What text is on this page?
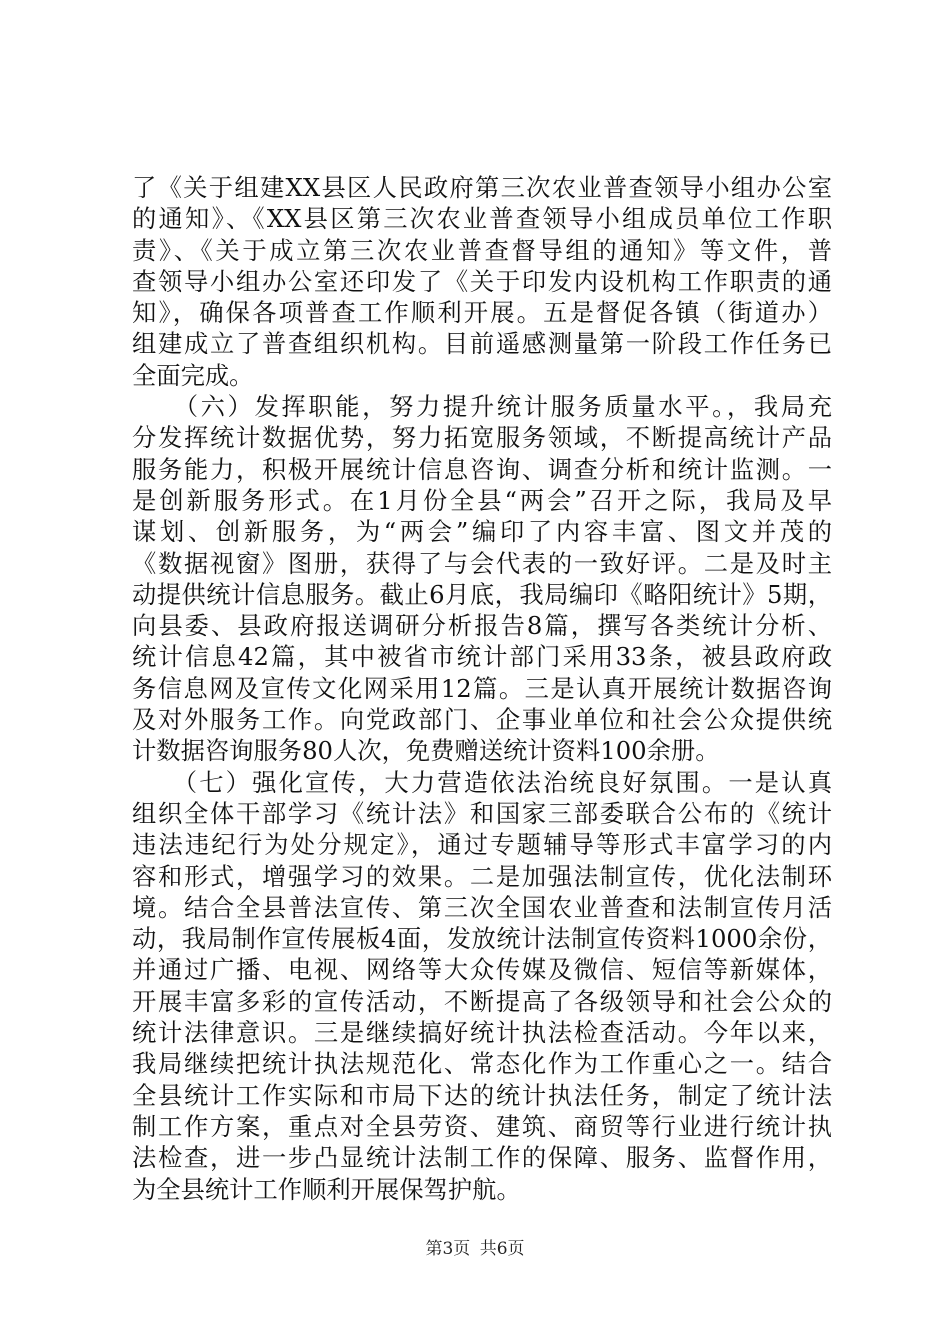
了《关于组建XX县区人民政府第三次农业普查领导小组办公室
的通知》、《XX县区第三次农业普查领导小组成员单位工作职
责》、《关于成立第三次农业普查督导组的通知》等文件，普
查领导小组办公室还印发了《关于印发内设机构工作职责的通
知》，确保各项普查工作顺利开展。五是督促各镇（街道办）
组建成立了普查组织机构。目前遥感测量第一阶段工作任务已
全面完成。
　　（六）发挥职能，努力提升统计服务质量水平。，我局充
分发挥统计数据优势，努力拓宽服务领域，不断提高统计产品
服务能力，积极开展统计信息咨询、调查分析和统计监测。一
是创新服务形式。在1月份全县“两会”召开之际，我局及早
谋划、创新服务，为“两会”编印了内容丰富、图文并茂的
《数据视窗》图册，获得了与会代表的一致好评。二是及时主
动提供统计信息服务。截止6月底，我局编印《略阳统计》5期，
向县委、县政府报送调研分析报告8篇，撰写各类统计分析、
统计信息42篇，其中被省市统计部门采用33条，被县政府政
务信息网及宣传文化网采用12篇。三是认真开展统计数据咨询
及对外服务工作。向党政部门、企事业单位和社会公众提供统
计数据咨询服务80人次，免费赠送统计资料100余册。
　　（七）强化宣传，大力营造依法治统良好氛围。一是认真
组织全体干部学习《统计法》和国家三部委联合公布的《统计
违法违纪行为处分规定》，通过专题辅导等形式丰富学习的内
容和形式，增强学习的效果。二是加强法制宣传，优化法制环
境。结合全县普法宣传、第三次全国农业普查和法制宣传月活
动，我局制作宣传展板4面，发放统计法制宣传资料1000余份，
并通过广播、电视、网络等大众传媒及微信、短信等新媒体，
开展丰富多彩的宣传活动，不断提高了各级领导和社会公众的
统计法律意识。三是继续搞好统计执法检查活动。今年以来，
我局继续把统计执法规范化、常态化作为工作重心之一。结合
全县统计工作实际和市局下达的统计执法任务，制定了统计法
制工作方案，重点对全县劳资、建筑、商贸等行业进行统计执
法检查，进一步凸显统计法制工作的保障、服务、监督作用，
为全县统计工作顺利开展保驾护航。
第3页 共6页
